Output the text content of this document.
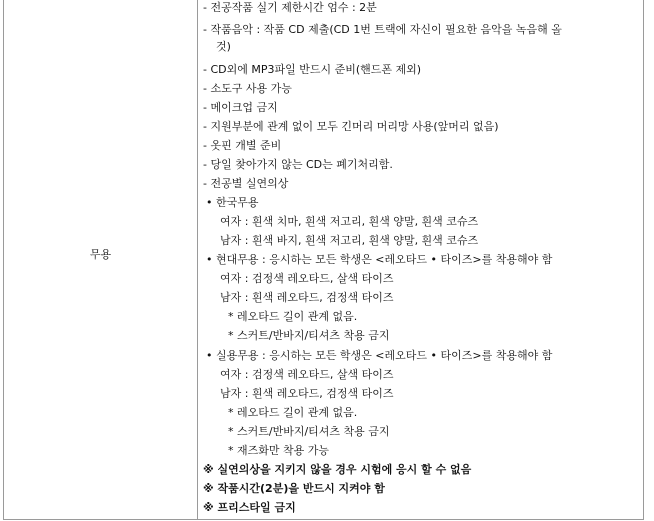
무용
- 전공작품 실기 제한시간 엄수 : 2분
- 작품음악 : 작품 CD 제출(CD 1번 트랙에 자신이 필요한 음악을 녹음해 올
것)
- CD외에 MP3파일 반드시 준비(핸드폰 제외)
- 소도구 사용 가능
- 메이크업 금지
- 지원부분에 관계 없이 모두 긴머리 머리망 사용(앞머리 없음)
- 옷핀 개별 준비
- 당일 찾아가지 않는 CD는 폐기처리함.
- 전공별 실연의상
• 한국무용
여자 : 흰색 치마, 흰색 저고리, 흰색 양말, 흰색 코슈즈
남자 : 흰색 바지, 흰색 저고리, 흰색 양말, 흰색 코슈즈
• 현대무용 : 응시하는 모든 학생은 <레오타드 • 타이즈>를 착용해야 함
여자 : 검정색 레오타드, 살색 타이즈
남자 : 흰색 레오타드, 검정색 타이즈
* 레오타드 길이 관계 없음.
* 스커트/반바지/티셔츠 착용 금지
• 실용무용 : 응시하는 모든 학생은 <레오타드 • 타이즈>를 착용해야 함
여자 : 검정색 레오타드, 살색 타이즈
남자 : 흰색 레오타드, 검정색 타이즈
* 레오타드 길이 관계 없음.
* 스커트/반바지/티셔츠 착용 금지
* 재즈화만 착용 가능
※ 실연의상을 지키지 않을 경우 시험에 응시 할 수 없음
※ 작품시간(2분)을 반드시 지켜야 함
※ 프리스타일 금지
